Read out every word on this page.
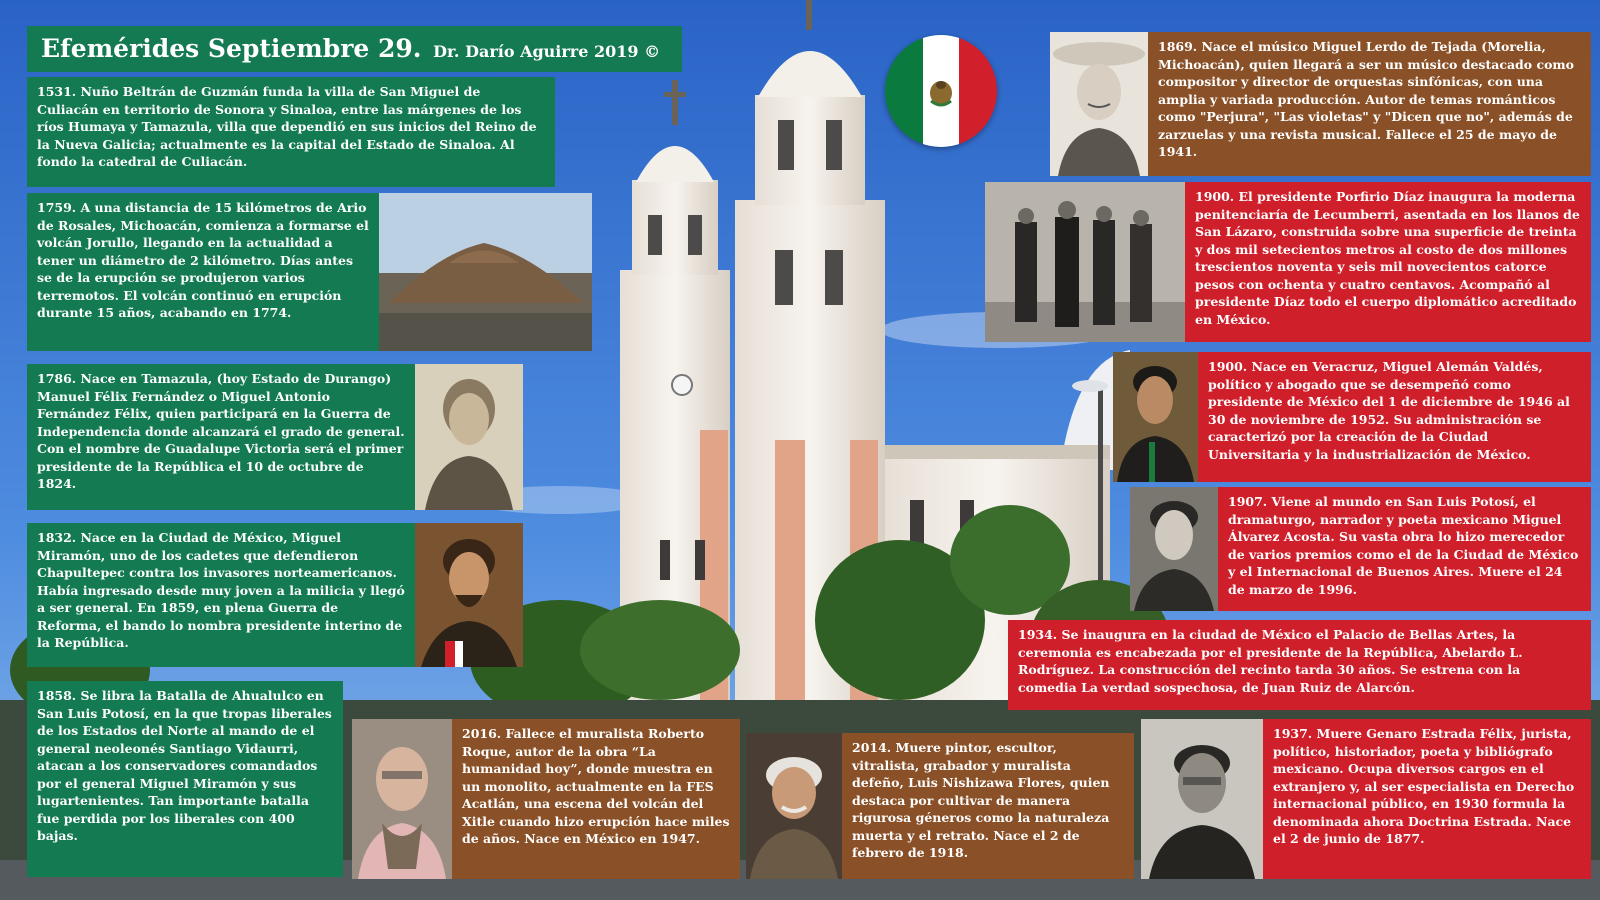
Efemérides Septiembre 29. Dr. Darío Aguirre 2019 ©
1531. Nuño Beltrán de Guzmán funda la villa de San Miguel de Culiacán en territorio de Sonora y Sinaloa, entre las márgenes de los ríos Humaya y Tamazula, villa que dependió en sus inicios del Reino de la Nueva Galicia; actualmente es la capital del Estado de Sinaloa. Al fondo la catedral de Culiacán.
1759. A una distancia de 15 kilómetros de Ario de Rosales, Michoacán, comienza a formarse el volcán Jorullo, llegando en la actualidad a tener un diámetro de 2 kilómetro. Días antes se de la erupción se produjeron varios terremotos. El volcán continuó en erupción durante 15 años, acabando en 1774.
1786. Nace en Tamazula, (hoy Estado de Durango) Manuel Félix Fernández o Miguel Antonio Fernández Félix, quien participará en la Guerra de Independencia donde alcanzará el grado de general. Con el nombre de Guadalupe Victoria será el primer presidente de la República el 10 de octubre de 1824.
1832. Nace en la Ciudad de México, Miguel Miramón, uno de los cadetes que defendieron Chapultepec contra los invasores norteamericanos. Había ingresado desde muy joven a la milicia y llegó a ser general. En 1859, en plena Guerra de Reforma, el bando lo nombra presidente interino de la República.
1858. Se libra la Batalla de Ahualulco en San Luis Potosí, en la que tropas liberales de los Estados del Norte al mando de el general neoleonés Santiago Vidaurri, atacan a los conservadores comandados por el general Miguel Miramón y sus lugartenientes. Tan importante batalla fue perdida por los liberales con 400 bajas.
2016. Fallece el muralista Roberto Roque, autor de la obra “La humanidad hoy”, donde muestra en un monolito, actualmente en la FES Acatlán, una escena del volcán del Xitle cuando hizo erupción hace miles de años. Nace en México en 1947.
2014. Muere pintor, escultor, vitralista, grabador y muralista defeño, Luis Nishizawa Flores, quien destaca por cultivar de manera rigurosa géneros como la naturaleza muerta y el retrato. Nace el 2 de febrero de 1918.
1869. Nace el músico Miguel Lerdo de Tejada (Morelia, Michoacán), quien llegará a ser un músico destacado como compositor y director de orquestas sinfónicas, con una amplia y variada producción. Autor de temas románticos como "Perjura", "Las violetas" y "Dicen que no", además de zarzuelas y una revista musical. Fallece el 25 de mayo de 1941.
1900. El presidente Porfirio Díaz inaugura la moderna penitenciaría de Lecumberri, asentada en los llanos de San Lázaro, construida sobre una superficie de treinta y dos mil setecientos metros al costo de dos millones trescientos noventa y seis mil novecientos catorce pesos con ochenta y cuatro centavos. Acompañó al presidente Díaz todo el cuerpo diplomático acreditado en México.
1900. Nace en Veracruz, Miguel Alemán Valdés, político y abogado que se desempeñó como presidente de México del 1 de diciembre de 1946 al 30 de noviembre de 1952. Su administración se caracterizó por la creación de la Ciudad Universitaria y la industrialización de México.
1907. Viene al mundo en San Luis Potosí, el dramaturgo, narrador y poeta mexicano Miguel Álvarez Acosta. Su vasta obra lo hizo merecedor de varios premios como el de la Ciudad de México y el Internacional de Buenos Aires. Muere el 24 de marzo de 1996.
1934. Se inaugura en la ciudad de México el Palacio de Bellas Artes, la ceremonia es encabezada por el presidente de la República, Abelardo L. Rodríguez. La construcción del recinto tarda 30 años. Se estrena con la comedia La verdad sospechosa, de Juan Ruiz de Alarcón.
1937. Muere Genaro Estrada Félix, jurista, político, historiador, poeta y bibliógrafo mexicano. Ocupa diversos cargos en el extranjero y, al ser especialista en Derecho internacional público, en 1930 formula la denominada ahora Doctrina Estrada. Nace el 2 de junio de 1877.
